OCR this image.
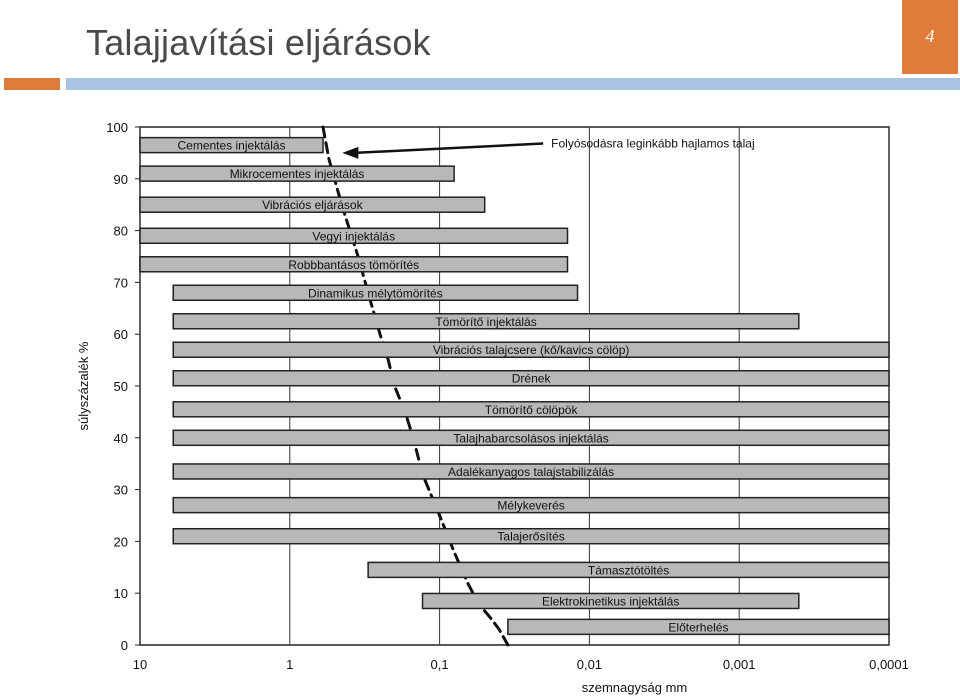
Talajjavítási eljárások	4
Cementes injektálás
Mikrocementes injektálás
Vibrációs eljárások
Vegyi injektálás
Robbbantásos tömörítés
Dinamikus mélytömörítés
Tömörítő injektálás
Vibrációs talajcsere (kő/kavics cölöp)
Drének
Tömörítő cölöpök
Talajhabarcsolásos injektálás
Adalékanyagos talajstabilizálás
Mélykeverés
Talajerősítés
Támasztótöltés
Elektrokinetikus injektálás
Előterhelés
0
10
20
30
40
50
60
70
80
90
100
10	1	0,1	0,01	0,001	0,0001
súlyszázalék %
szemnagyság mm
Folyósodásra leginkább hajlamos talaj
